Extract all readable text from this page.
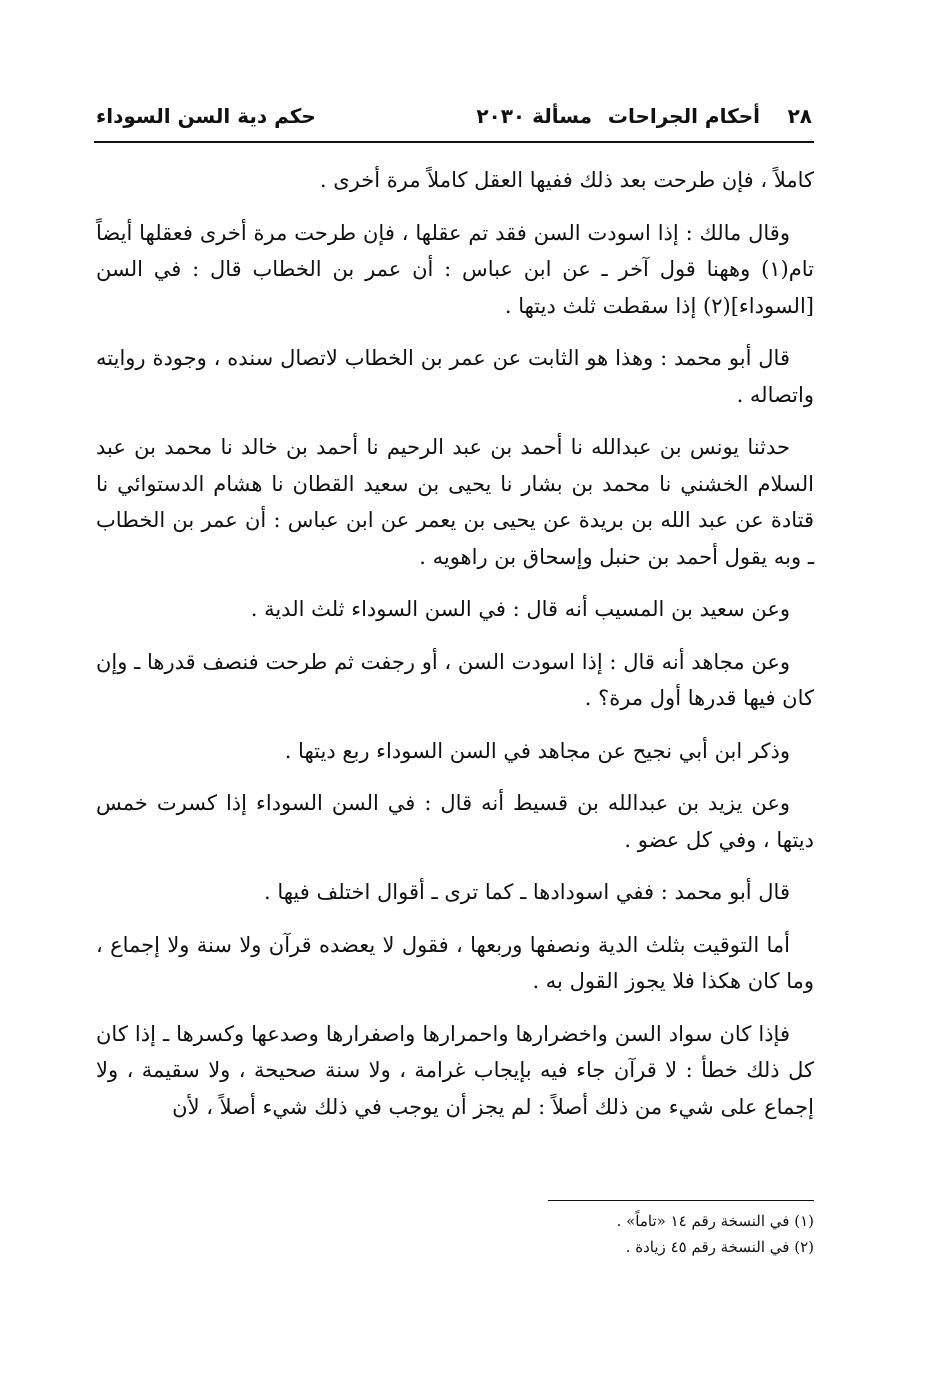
٢٨
أحكام الجراحات
مسألة ٢٠٣٠
حكم دية السن السوداء

كاملاً ، فإن طرحت بعد ذلك ففيها العقل كاملاً مرة أخرى .

وقال مالك : إذا اسودت السن فقد تم عقلها ، فإن طرحت مرة أخرى فعقلها أيضاً تام(١) وههنا قول آخر ـ عن ابن عباس : أن عمر بن الخطاب قال : في السن [السوداء](٢) إذا سقطت ثلث ديتها .

قال أبو محمد : وهذا هو الثابت عن عمر بن الخطاب لاتصال سنده ، وجودة روايته واتصاله .

حدثنا يونس بن عبدالله نا أحمد بن عبد الرحيم نا أحمد بن خالد نا محمد بن عبد السلام الخشني نا محمد بن بشار نا يحيى بن سعيد القطان نا هشام الدستوائي نا قتادة عن عبد الله بن بريدة عن يحيى بن يعمر عن ابن عباس : أن عمر بن الخطاب ـ وبه يقول أحمد بن حنبل وإسحاق بن راهويه .

وعن سعيد بن المسيب أنه قال : في السن السوداء ثلث الدية .

وعن مجاهد أنه قال : إذا اسودت السن ، أو رجفت ثم طرحت فنصف قدرها ـ وإن كان فيها قدرها أول مرة؟ .

وذكر ابن أبي نجيح عن مجاهد في السن السوداء ربع ديتها .

وعن يزيد بن عبدالله بن قسيط أنه قال : في السن السوداء إذا كسرت خمس ديتها ، وفي كل عضو .

قال أبو محمد : ففي اسودادها ـ كما ترى ـ أقوال اختلف فيها .

أما التوقيت بثلث الدية ونصفها وربعها ، فقول لا يعضده قرآن ولا سنة ولا إجماع ، وما كان هكذا فلا يجوز القول به .

فإذا كان سواد السن واخضرارها واحمرارها واصفرارها وصدعها وكسرها ـ إذا كان كل ذلك خطأ : لا قرآن جاء فيه بإيجاب غرامة ، ولا سنة صحيحة ، ولا سقيمة ، ولا إجماع على شيء من ذلك أصلاً : لم يجز أن يوجب في ذلك شيء أصلاً ، لأن

(١) في النسخة رقم ١٤ «تاماً» .

(٢) في النسخة رقم ٤٥ زيادة .
